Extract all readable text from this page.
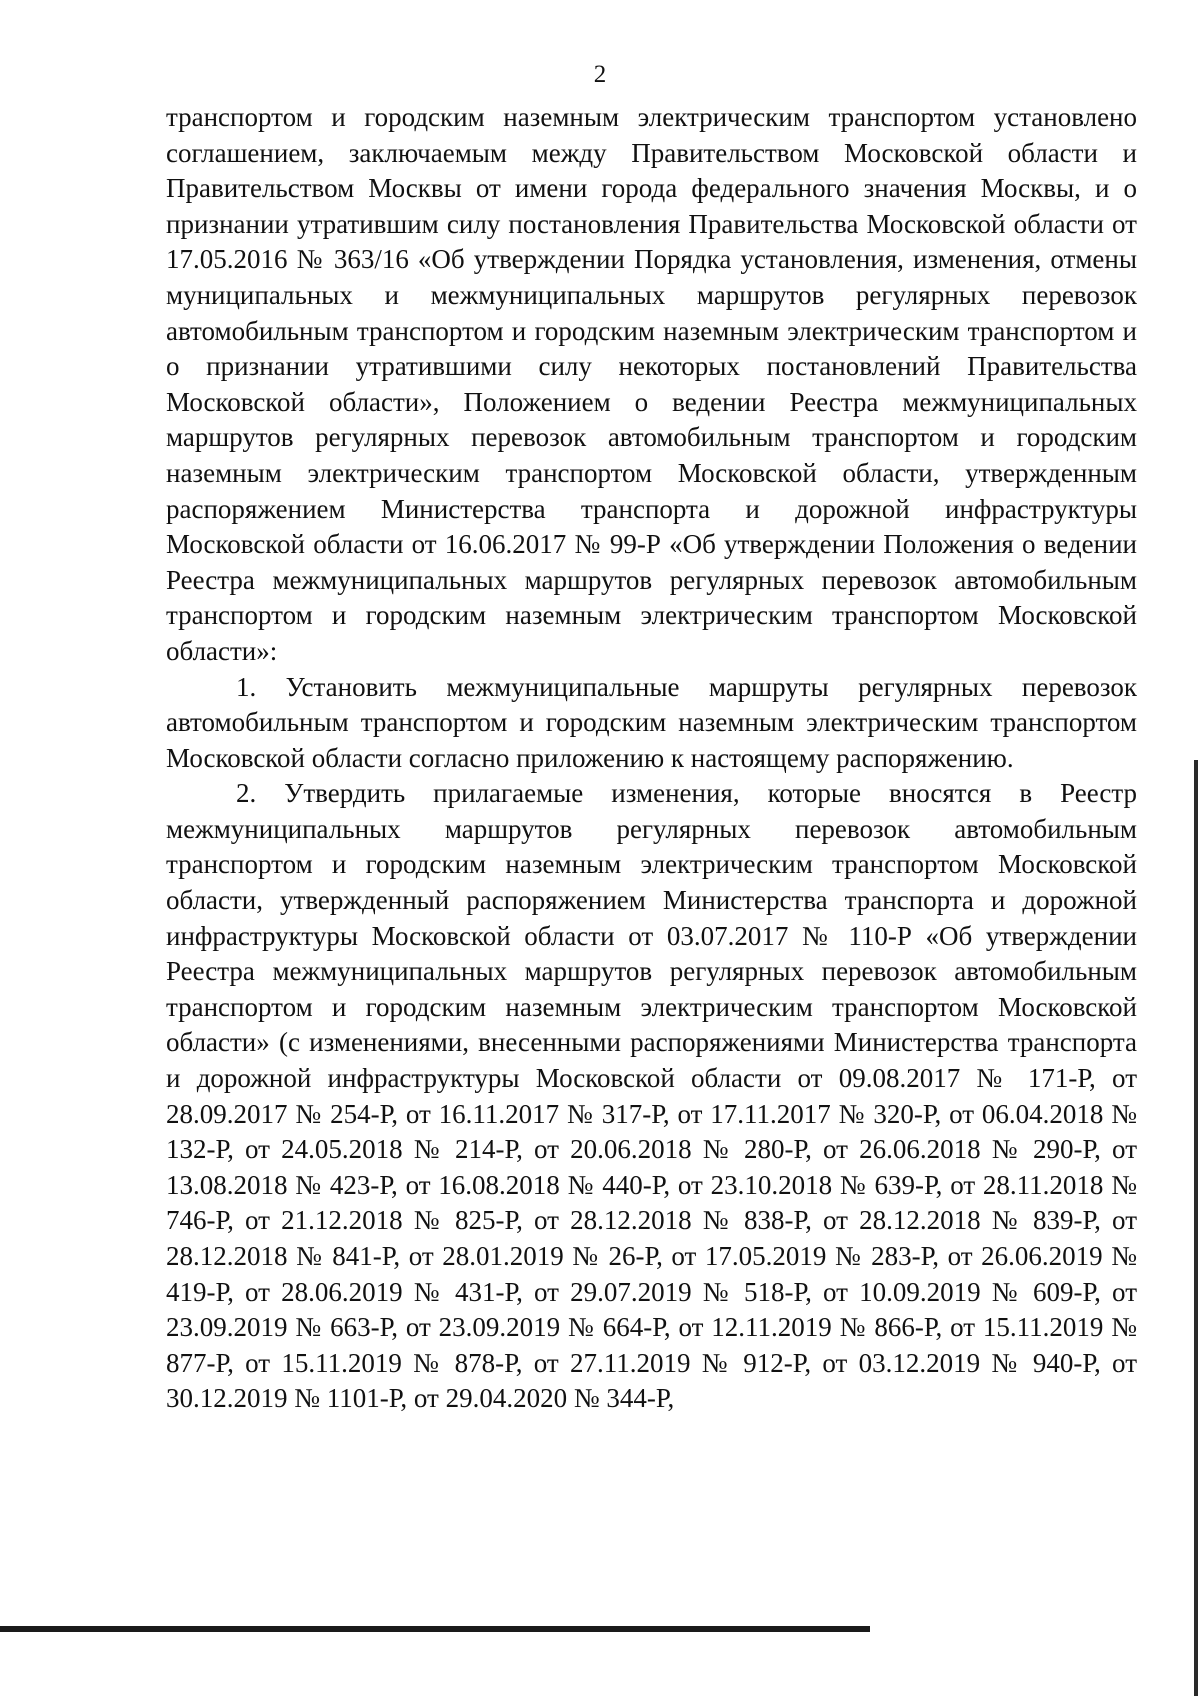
2

транспортом и городским наземным электрическим транспортом установлено соглашением, заключаемым между Правительством Московской области и Правительством Москвы от имени города федерального значения Москвы, и о признании утратившим силу постановления Правительства Московской области от 17.05.2016 № 363/16 «Об утверждении Порядка установления, изменения, отмены муниципальных и межмуниципальных маршрутов регулярных перевозок автомобильным транспортом и городским наземным электрическим транспортом и о признании утратившими силу некоторых постановлений Правительства Московской области», Положением о ведении Реестра межмуниципальных маршрутов регулярных перевозок автомобильным транспортом и городским наземным электрическим транспортом Московской области, утвержденным распоряжением Министерства транспорта и дорожной инфраструктуры Московской области от 16.06.2017 № 99-Р «Об утверждении Положения о ведении Реестра межмуниципальных маршрутов регулярных перевозок автомобильным транспортом и городским наземным электрическим транспортом Московской области»:

1. Установить межмуниципальные маршруты регулярных перевозок автомобильным транспортом и городским наземным электрическим транспортом Московской области согласно приложению к настоящему распоряжению.

2. Утвердить прилагаемые изменения, которые вносятся в Реестр межмуниципальных маршрутов регулярных перевозок автомобильным транспортом и городским наземным электрическим транспортом Московской области, утвержденный распоряжением Министерства транспорта и дорожной инфраструктуры Московской области от 03.07.2017 № 110-Р «Об утверждении Реестра межмуниципальных маршрутов регулярных перевозок автомобильным транспортом и городским наземным электрическим транспортом Московской области» (с изменениями, внесенными распоряжениями Министерства транспорта и дорожной инфраструктуры Московской области от 09.08.2017 № 171-Р, от 28.09.2017 № 254-Р, от 16.11.2017 № 317-Р, от 17.11.2017 № 320-Р, от 06.04.2018 № 132-Р, от 24.05.2018 № 214-Р, от 20.06.2018 № 280-Р, от 26.06.2018 № 290-Р, от 13.08.2018 № 423-Р, от 16.08.2018 № 440-Р, от 23.10.2018 № 639-Р, от 28.11.2018 № 746-Р, от 21.12.2018 № 825-Р, от 28.12.2018 № 838-Р, от 28.12.2018 № 839-Р, от 28.12.2018 № 841-Р, от 28.01.2019 № 26-Р, от 17.05.2019 № 283-Р, от 26.06.2019 № 419-Р, от 28.06.2019 № 431-Р, от 29.07.2019 № 518-Р, от 10.09.2019 № 609-Р, от 23.09.2019 № 663-Р, от 23.09.2019 № 664-Р, от 12.11.2019 № 866-Р, от 15.11.2019 № 877-Р, от 15.11.2019 № 878-Р, от 27.11.2019 № 912-Р, от 03.12.2019 № 940-Р, от 30.12.2019 № 1101-Р, от 29.04.2020 № 344-Р,
